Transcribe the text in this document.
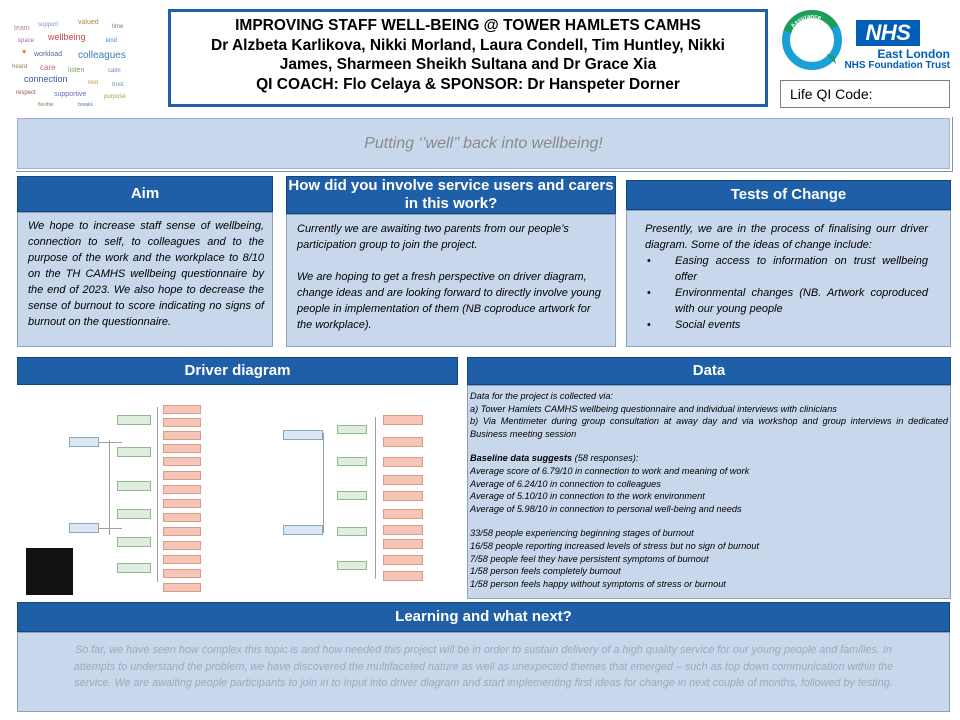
team support	valued
time
space wellbeing	kind
♥ workload colleagues
heard care listen	calm
connection	rest trust
respect	supportive	purpose
flexible	breaks
IMPROVING STAFF WELL-BEING @ TOWER HAMLETS CAMHS
Dr Alzbeta Karlikova, Nikki Morland, Laura Condell, Tim Huntley, Nikki
James, Sharmeen Sheikh Sultana and Dr Grace Xia
QI COACH: Flo Celaya & SPONSOR: Dr Hanspeter Dorner
Assurance
NHS
East London
NHS Foundation Trust
Life QI Code:
Putting ‘’well’’ back into wellbeing!
Aim

We hope to increase staff sense of wellbeing, connection to self, to colleagues and to the purpose of the work and the workplace to 8/10 on the TH CAMHS wellbeing questionnaire by the end of 2023. We also hope to decrease the sense of burnout to score indicating no signs of burnout on the questionnaire.

How did you involve service users and carers in this work?

Currently we are awaiting two parents from our people’s participation group to join the project.

We are hoping to get a fresh perspective on driver diagram, change ideas and are looking forward to directly involve young people in implementation of them (NB coproduce artwork for the workplace).

Tests of Change

Presently, we are in the process of finalising ourr driver diagram. Some of the ideas of change include:

• Easing access to information on trust wellbeing offer
• Environmental changes (NB. Artwork coproduced with our young people
• Social events
Driver diagram	Data

Data for the project is collected via:

a) Tower Hamlets CAMHS wellbeing questionnaire and individual interviews with clinicians

b) Via Mentimeter during group consultation at away day and via workshop and group interviews in dedicated Business meeting session

Baseline data suggests (58 responses):

Average score of 6.79/10 in connection to work and meaning of work

Average of 6.24/10 in connection to colleagues

Average of 5.10/10 in connection to the work environment

Average of 5.98/10 in connection to personal well-being and needs

33/58 people experiencing beginning stages of burnout

16/58 people reporting increased levels of stress but no sign of burnout

7/58 people feel they have persistent symptoms of burnout

1/58 person feels completely burnout

1/58 person feels happy without symptoms of stress or burnout

Learning and what next?

So far, we have seen how complex this topic is and how needed this project will be in order to sustain delivery of a high quality service for our young people and families. In attempts to understand the problem, we have discovered the multifaceted nature as well as unexpected themes that emerged – such as top down communication within the service. We are awaiting people participants to join in to input into driver diagram and start implementing first ideas for change in next couple of months, followed by testing.
